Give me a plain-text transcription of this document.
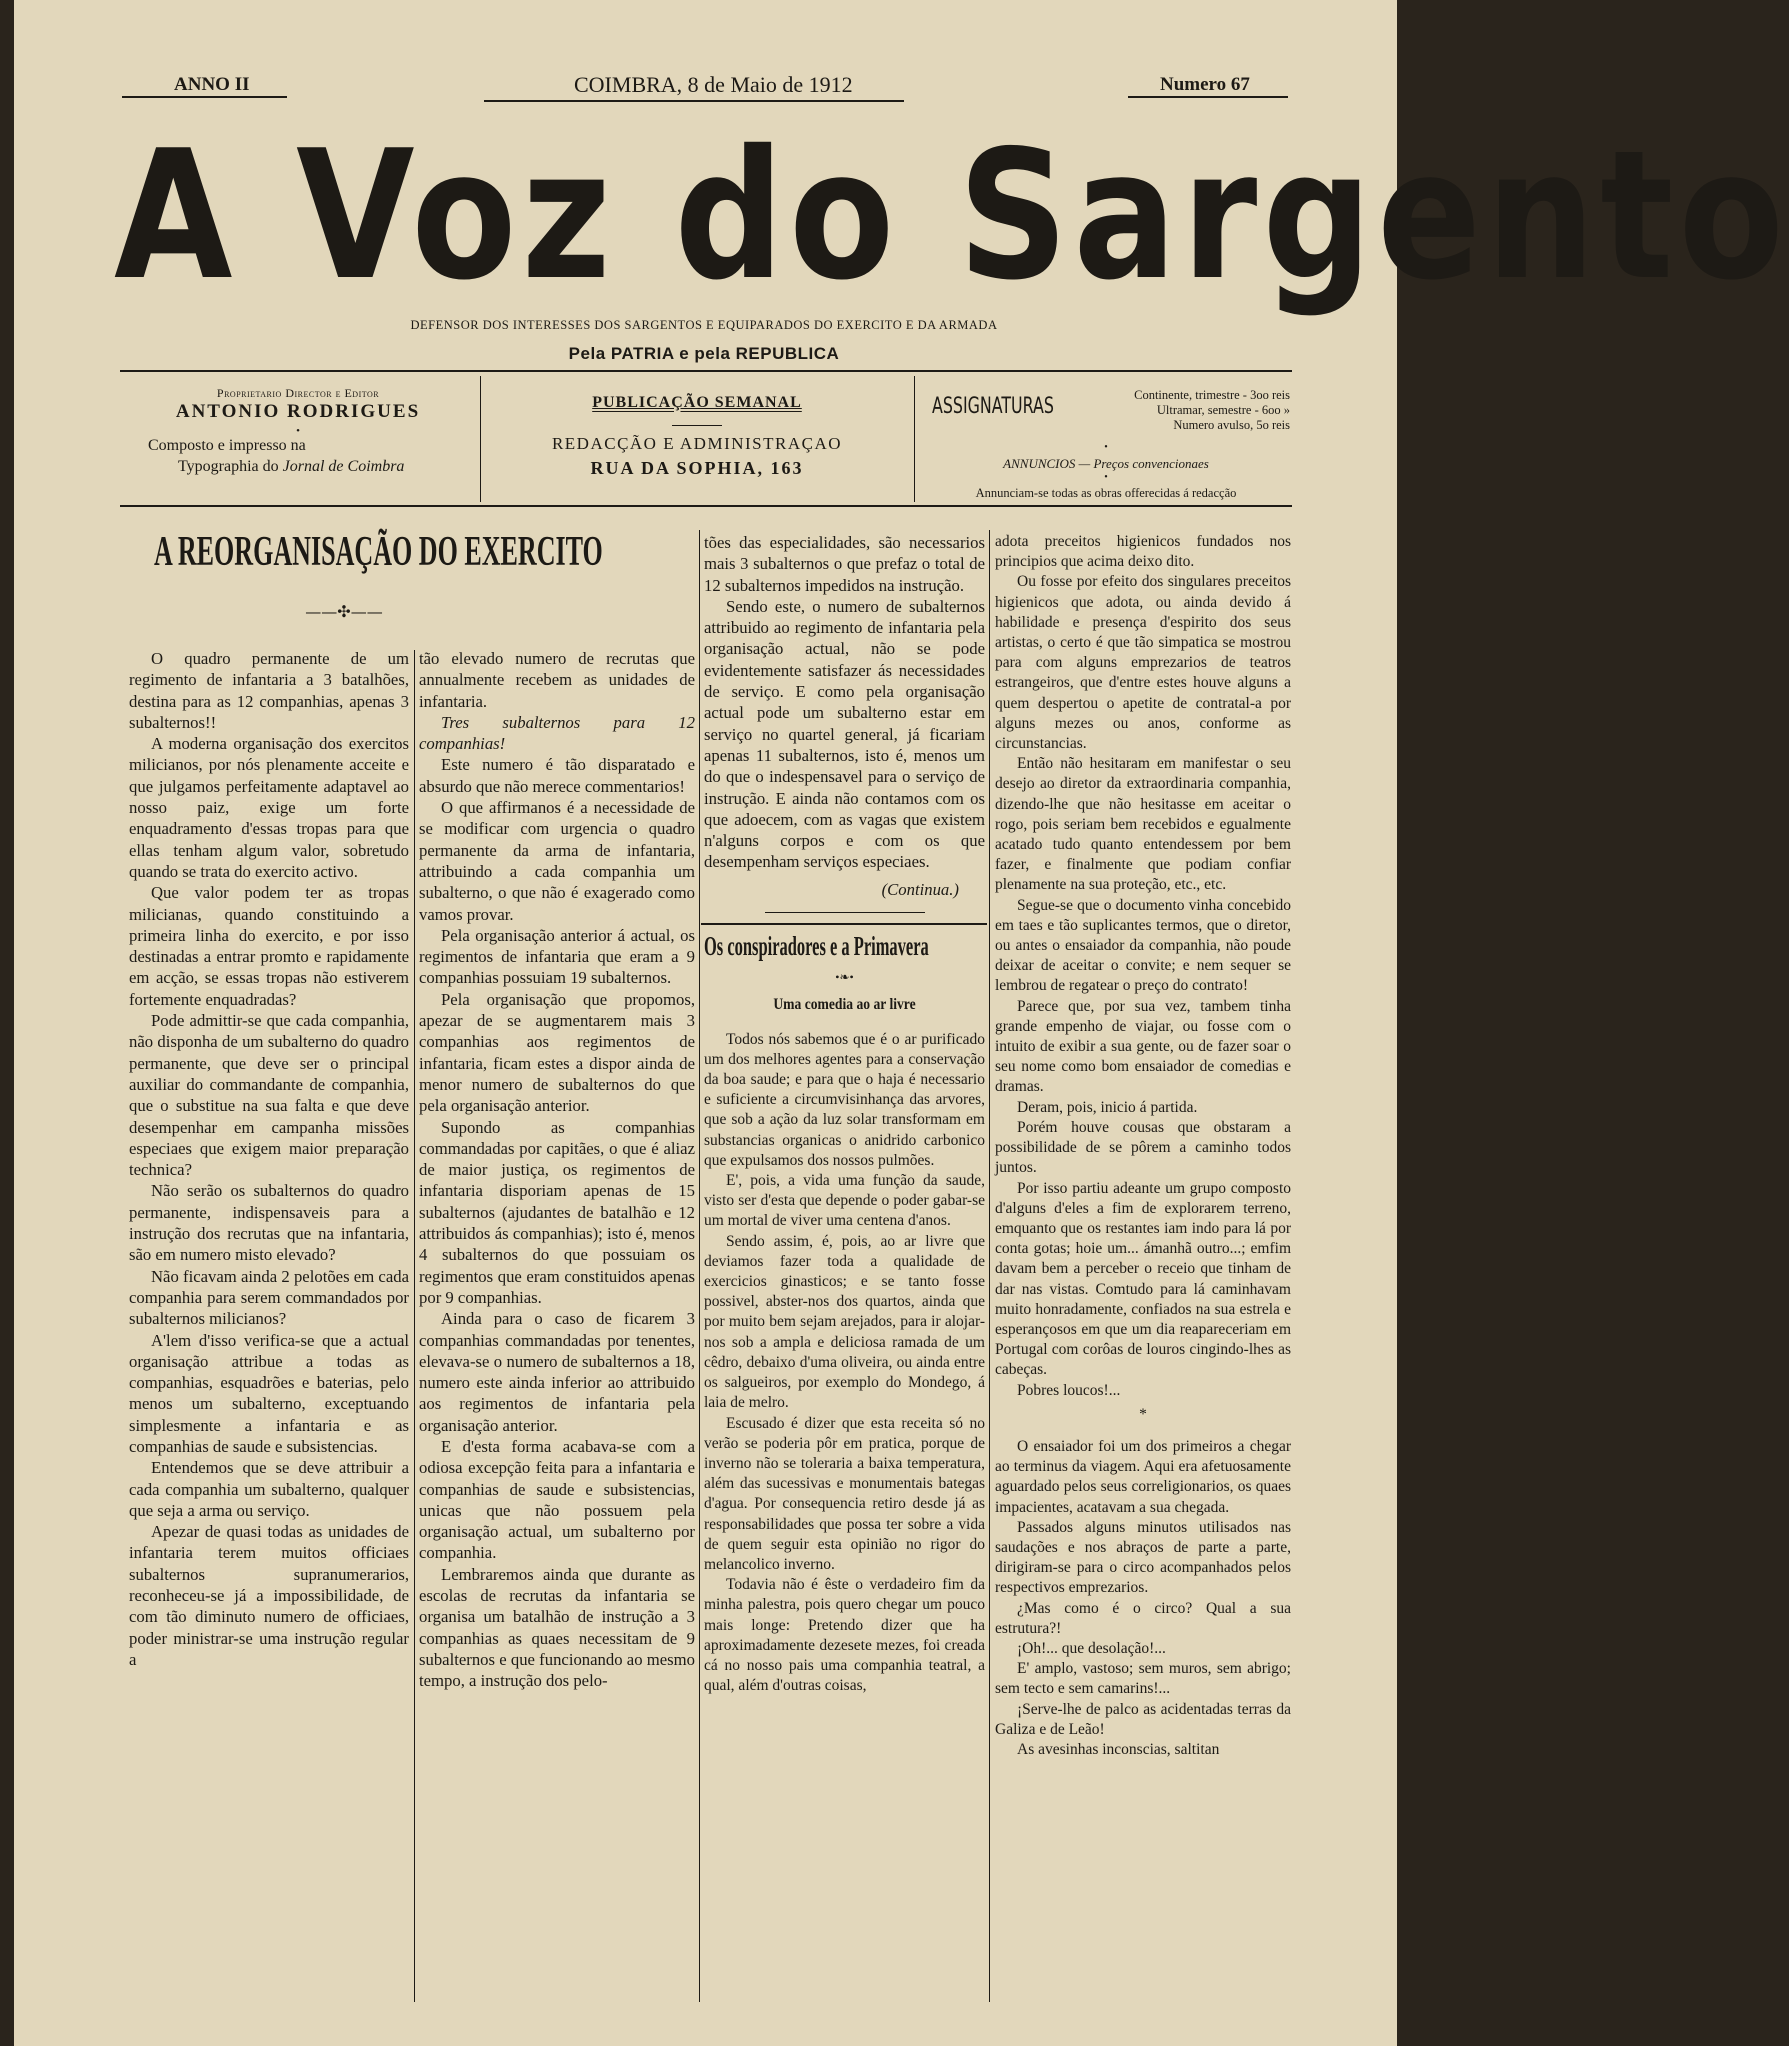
ANNO II	COIMBRA, 8 de Maio de 1912	Numero 67
A Voz do Sargento
DEFENSOR DOS INTERESSES DOS SARGENTOS E EQUIPARADOS DO EXERCITO E DA ARMADA
Pela PATRIA e pela REPUBLICA
Proprietario Director e Editor
ANTONIO RODRIGUES
•
Composto e impresso na
Typographia do Jornal de Coimbra
PUBLICAÇÃO SEMANAL
REDACÇÃO E ADMINISTRAÇAO
RUA DA SOPHIA, 163
ASSIGNATURAS	Continente, trimestre - 3oo reis
Ultramar, semestre - 6oo »
Numero avulso, 5o reis
•
ANNUNCIOS — Preços convencionaes
•
Annunciam-se todas as obras offerecidas á redacção
A REORGANISAÇÃO DO EXERCITO
——✣——

O quadro permanente de um regimento de infantaria a 3 batalhões, destina para as 12 companhias, apenas 3 subalternos!!

A moderna organisação dos exercitos milicianos, por nós plenamente acceite e que julgamos perfeitamente adaptavel ao nosso paiz, exige um forte enquadramento d'essas tropas para que ellas tenham algum valor, sobretudo quando se trata do exercito activo.

Que valor podem ter as tropas milicianas, quando constituindo a primeira linha do exercito, e por isso destinadas a entrar promto e rapidamente em acção, se essas tropas não estiverem fortemente enquadradas?

Pode admittir-se que cada companhia, não disponha de um subalterno do quadro permanente, que deve ser o principal auxiliar do commandante de companhia, que o substitue na sua falta e que deve desempenhar em campanha missões especiaes que exigem maior preparação technica?

Não serão os subalternos do quadro permanente, indispensaveis para a instrução dos recrutas que na infantaria, são em numero misto elevado?

Não ficavam ainda 2 pelotões em cada companhia para serem commandados por subalternos milicianos?

A'lem d'isso verifica-se que a actual organisação attribue a todas as companhias, esquadrões e baterias, pelo menos um subalterno, exceptuando simplesmente a infantaria e as companhias de saude e subsistencias.

Entendemos que se deve attribuir a cada companhia um subalterno, qualquer que seja a arma ou serviço.

Apezar de quasi todas as unidades de infantaria terem muitos officiaes subalternos supranumerarios, reconheceu-se já a impossibilidade, de com tão diminuto numero de officiaes, poder ministrar-se uma instrução regular a

tão elevado numero de recrutas que annualmente recebem as unidades de infantaria.

Tres subalternos para 12 companhias!

Este numero é tão disparatado e absurdo que não merece commentarios!

O que affirmanos é a necessidade de se modificar com urgencia o quadro permanente da arma de infantaria, attribuindo a cada companhia um subalterno, o que não é exagerado como vamos provar.

Pela organisação anterior á actual, os regimentos de infantaria que eram a 9 companhias possuiam 19 subalternos.

Pela organisação que propomos, apezar de se augmentarem mais 3 companhias aos regimentos de infantaria, ficam estes a dispor ainda de menor numero de subalternos do que pela organisação anterior.

Supondo as companhias commandadas por capitães, o que é aliaz de maior justiça, os regimentos de infantaria disporiam apenas de 15 subalternos (ajudantes de batalhão e 12 attribuidos ás companhias); isto é, menos 4 subalternos do que possuiam os regimentos que eram constituidos apenas por 9 companhias.

Ainda para o caso de ficarem 3 companhias commandadas por tenentes, elevava-se o numero de subalternos a 18, numero este ainda inferior ao attribuido aos regimentos de infantaria pela organisação anterior.

E d'esta forma acabava-se com a odiosa excepção feita para a infantaria e companhias de saude e subsistencias, unicas que não possuem pela organisação actual, um subalterno por companhia.

Lembraremos ainda que durante as escolas de recrutas da infantaria se organisa um batalhão de instrução a 3 companhias as quaes necessitam de 9 subalternos e que funcionando ao mesmo tempo, a instrução dos pelo-

tões das especialidades, são necessarios mais 3 subalternos o que prefaz o total de 12 subalternos impedidos na instrução.

Sendo este, o numero de subalternos attribuido ao regimento de infantaria pela organisação actual, não se pode evidentemente satisfazer ás necessidades de serviço. E como pela organisação actual pode um subalterno estar em serviço no quartel general, já ficariam apenas 11 subalternos, isto é, menos um do que o indespensavel para o serviço de instrução. E ainda não contamos com os que adoecem, com as vagas que existem n'alguns corpos e com os que desempenham serviços especiaes.

(Continua.)

Os conspiradores e a Primavera
•❧•
Uma comedia ao ar livre

Todos nós sabemos que é o ar purificado um dos melhores agentes para a conservação da boa saude; e para que o haja é necessario e suficiente a circumvisinhança das arvores, que sob a ação da luz solar transformam em substancias organicas o anidrido carbonico que expulsamos dos nossos pulmões.

E', pois, a vida uma função da saude, visto ser d'esta que depende o poder gabar-se um mortal de viver uma centena d'anos.

Sendo assim, é, pois, ao ar livre que deviamos fazer toda a qualidade de exercicios ginasticos; e se tanto fosse possivel, abster-nos dos quartos, ainda que por muito bem sejam arejados, para ir alojar-nos sob a ampla e deliciosa ramada de um cêdro, debaixo d'uma oliveira, ou ainda entre os salgueiros, por exemplo do Mondego, á laia de melro.

Escusado é dizer que esta receita só no verão se poderia pôr em pratica, porque de inverno não se toleraria a baixa temperatura, além das sucessivas e monumentais bategas d'agua. Por consequencia retiro desde já as responsabilidades que possa ter sobre a vida de quem seguir esta opinião no rigor do melancolico inverno.

Todavia não é êste o verdadeiro fim da minha palestra, pois quero chegar um pouco mais longe: Pretendo dizer que ha aproximadamente dezesete mezes, foi creada cá no nosso pais uma companhia teatral, a qual, além d'outras coisas,

adota preceitos higienicos fundados nos principios que acima deixo dito.

Ou fosse por efeito dos singulares preceitos higienicos que adota, ou ainda devido á habilidade e presença d'espirito dos seus artistas, o certo é que tão simpatica se mostrou para com alguns emprezarios de teatros estrangeiros, que d'entre estes houve alguns a quem despertou o apetite de contratal-a por alguns mezes ou anos, conforme as circunstancias.

Então não hesitaram em manifestar o seu desejo ao diretor da extraordinaria companhia, dizendo-lhe que não hesitasse em aceitar o rogo, pois seriam bem recebidos e egualmente acatado tudo quanto entendessem por bem fazer, e finalmente que podiam confiar plenamente na sua proteção, etc., etc.

Segue-se que o documento vinha concebido em taes e tão suplicantes termos, que o diretor, ou antes o ensaiador da companhia, não poude deixar de aceitar o convite; e nem sequer se lembrou de regatear o preço do contrato!

Parece que, por sua vez, tambem tinha grande empenho de viajar, ou fosse com o intuito de exibir a sua gente, ou de fazer soar o seu nome como bom ensaiador de comedias e dramas.

Deram, pois, inicio á partida.

Porém houve cousas que obstaram a possibilidade de se pôrem a caminho todos juntos.

Por isso partiu adeante um grupo composto d'alguns d'eles a fim de explorarem terreno, emquanto que os restantes iam indo para lá por conta gotas; hoie um... ámanhã outro...; emfim davam bem a perceber o receio que tinham de dar nas vistas. Comtudo para lá caminhavam muito honradamente, confiados na sua estrela e esperançosos em que um dia reapareceriam em Portugal com corôas de louros cingindo-lhes as cabeças.

Pobres loucos!...

*

O ensaiador foi um dos primeiros a chegar ao terminus da viagem. Aqui era afetuosamente aguardado pelos seus correligionarios, os quaes impacientes, acatavam a sua chegada.

Passados alguns minutos utilisados nas saudações e nos abraços de parte a parte, dirigiram-se para o circo acompanhados pelos respectivos emprezarios.

¿Mas como é o circo? Qual a sua estrutura?!

¡Oh!... que desolação!...

E' amplo, vastoso; sem muros, sem abrigo; sem tecto e sem camarins!...

¡Serve-lhe de palco as acidentadas terras da Galiza e de Leão!

As avesinhas inconscias, saltitan
